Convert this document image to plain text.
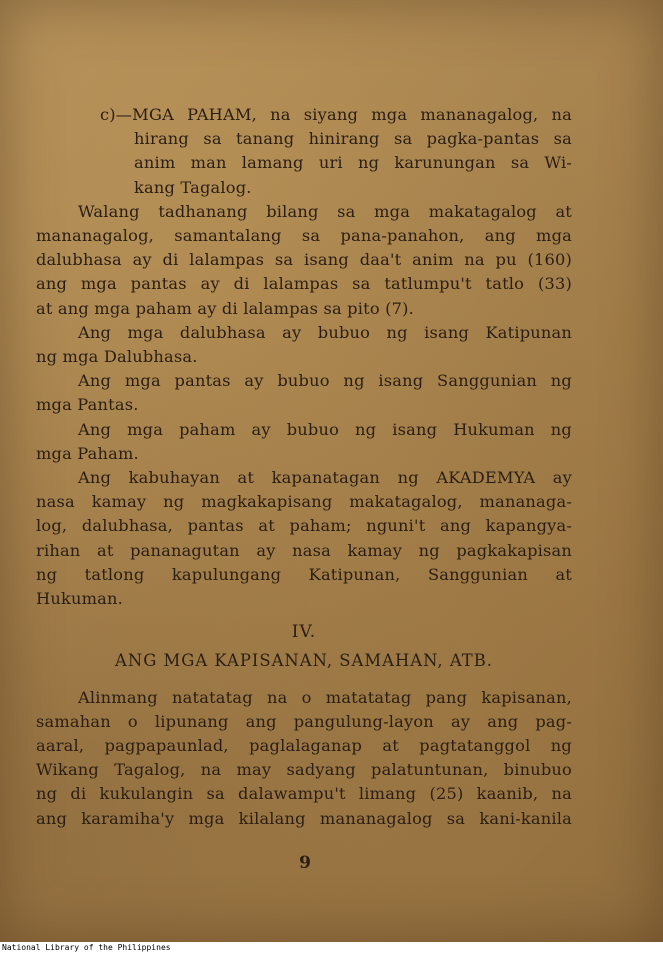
c)—MGA PAHAM, na siyang mga mananagalog, na
hirang sa tanang hinirang sa pagka-pantas sa
anim man lamang uri ng karunungan sa Wi-
kang Tagalog.
Walang tadhanang bilang sa mga makatagalog at
mananagalog, samantalang sa pana-panahon, ang mga
dalubhasa ay di lalampas sa isang daa't anim na pu (160)
ang mga pantas ay di lalampas sa tatlumpu't tatlo (33)
at ang mga paham ay di lalampas sa pito (7).
Ang mga dalubhasa ay bubuo ng isang Katipunan
ng mga Dalubhasa.
Ang mga pantas ay bubuo ng isang Sanggunian ng
mga Pantas.
Ang mga paham ay bubuo ng isang Hukuman ng
mga Paham.
Ang kabuhayan at kapanatagan ng AKADEMYA ay
nasa kamay ng magkakapisang makatagalog, mananaga-
log, dalubhasa, pantas at paham; nguni't ang kapangya-
rihan at pananagutan ay nasa kamay ng pagkakapisan
ng tatlong kapulungang Katipunan, Sanggunian at
Hukuman.
IV.
ANG MGA KAPISANAN, SAMAHAN, ATB.
Alinmang natatatag na o matatatag pang kapisanan,
samahan o lipunang ang pangulung-layon ay ang pag-
aaral, pagpapaunlad, paglalaganap at pagtatanggol ng
Wikang Tagalog, na may sadyang palatuntunan, binubuo
ng di kukulangin sa dalawampu't limang (25) kaanib, na
ang karamiha'y mga kilalang mananagalog sa kani-kanila
9
National Library of the Philippines
